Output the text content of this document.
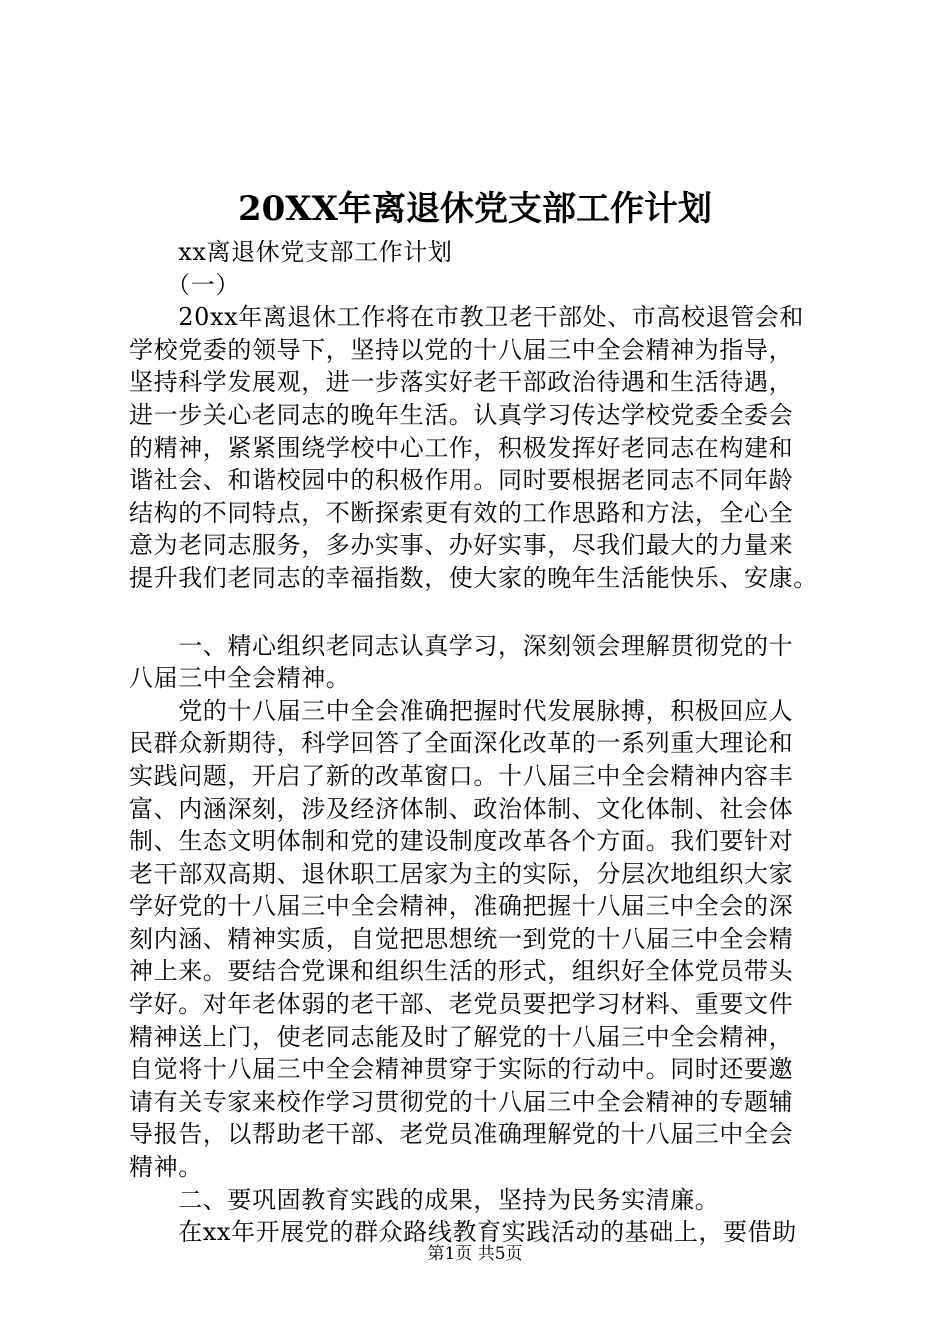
20XX年离退休党支部工作计划
　　xx离退休党支部工作计划
　　（一）
　　20xx年离退休工作将在市教卫老干部处、市高校退管会和
学校党委的领导下，坚持以党的十八届三中全会精神为指导，
坚持科学发展观，进一步落实好老干部政治待遇和生活待遇，
进一步关心老同志的晚年生活。认真学习传达学校党委全委会
的精神，紧紧围绕学校中心工作，积极发挥好老同志在构建和
谐社会、和谐校园中的积极作用。同时要根据老同志不同年龄
结构的不同特点，不断探索更有效的工作思路和方法，全心全
意为老同志服务，多办实事、办好实事，尽我们最大的力量来
提升我们老同志的幸福指数，使大家的晚年生活能快乐、安康。
　　一、精心组织老同志认真学习，深刻领会理解贯彻党的十
八届三中全会精神。
　　党的十八届三中全会准确把握时代发展脉搏，积极回应人
民群众新期待，科学回答了全面深化改革的一系列重大理论和
实践问题，开启了新的改革窗口。十八届三中全会精神内容丰
富、内涵深刻，涉及经济体制、政治体制、文化体制、社会体
制、生态文明体制和党的建设制度改革各个方面。我们要针对
老干部双高期、退休职工居家为主的实际，分层次地组织大家
学好党的十八届三中全会精神，准确把握十八届三中全会的深
刻内涵、精神实质，自觉把思想统一到党的十八届三中全会精
神上来。要结合党课和组织生活的形式，组织好全体党员带头
学好。对年老体弱的老干部、老党员要把学习材料、重要文件
精神送上门，使老同志能及时了解党的十八届三中全会精神，
自觉将十八届三中全会精神贯穿于实际的行动中。同时还要邀
请有关专家来校作学习贯彻党的十八届三中全会精神的专题辅
导报告，以帮助老干部、老党员准确理解党的十八届三中全会
精神。
　　二、要巩固教育实践的成果，坚持为民务实清廉。
　　在xx年开展党的群众路线教育实践活动的基础上，要借助
第1页 共5页
